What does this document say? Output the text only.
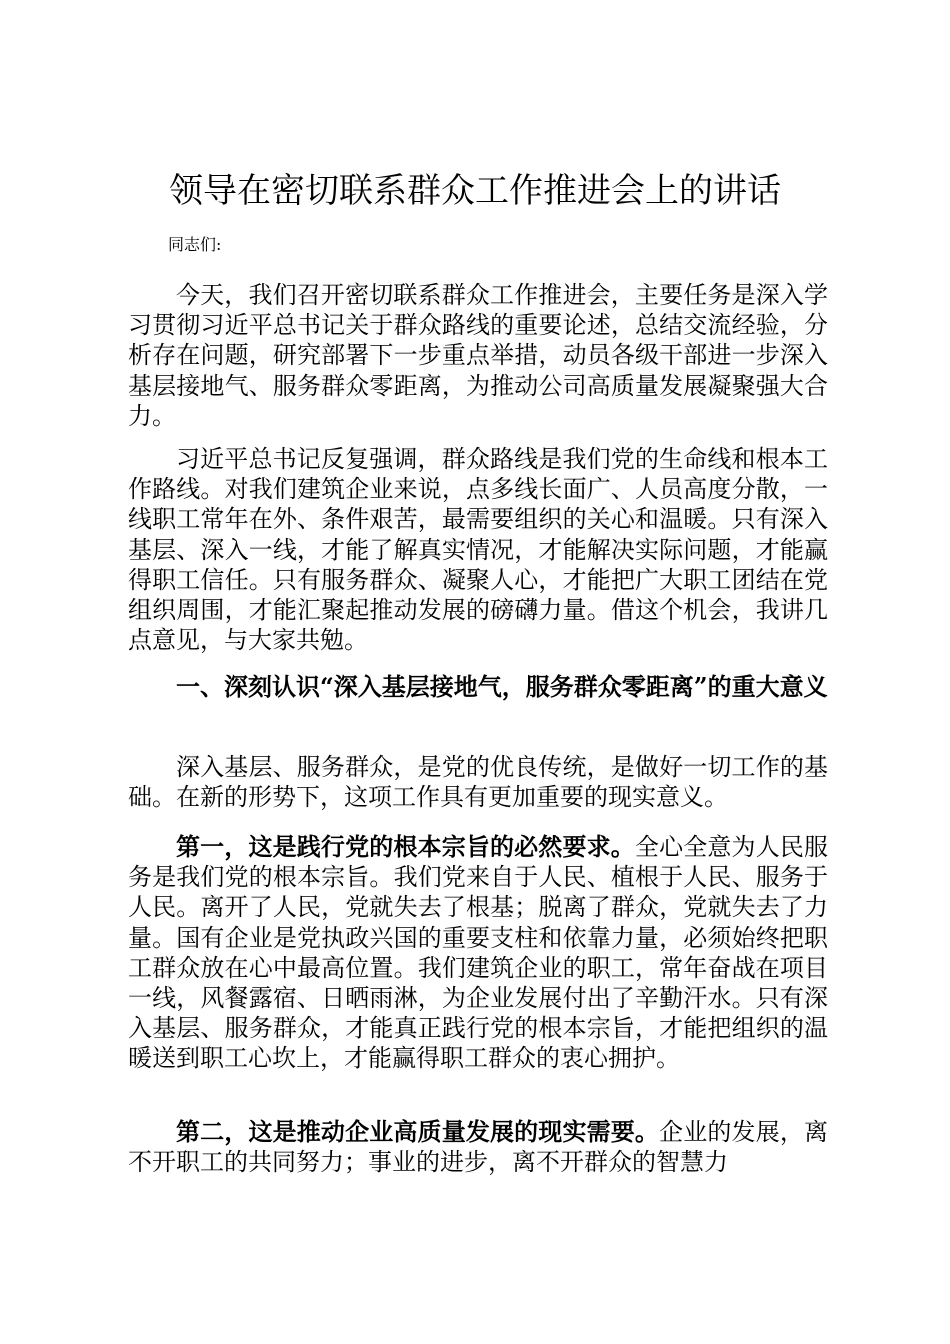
领导在密切联系群众工作推进会上的讲话

同志们:

今天，我们召开密切联系群众工作推进会，主要任务是深入学习贯彻习近平总书记关于群众路线的重要论述，总结交流经验，分析存在问题，研究部署下一步重点举措，动员各级干部进一步深入基层接地气、服务群众零距离，为推动公司高质量发展凝聚强大合力。

习近平总书记反复强调，群众路线是我们党的生命线和根本工作路线。对我们建筑企业来说，点多线长面广、人员高度分散，一线职工常年在外、条件艰苦，最需要组织的关心和温暖。只有深入基层、深入一线，才能了解真实情况，才能解决实际问题，才能赢得职工信任。只有服务群众、凝聚人心，才能把广大职工团结在党组织周围，才能汇聚起推动发展的磅礴力量。借这个机会，我讲几点意见，与大家共勉。

一、深刻认识“深入基层接地气，服务群众零距离”的重大意义

深入基层、服务群众，是党的优良传统，是做好一切工作的基础。在新的形势下，这项工作具有更加重要的现实意义。

第一，这是践行党的根本宗旨的必然要求。全心全意为人民服务是我们党的根本宗旨。我们党来自于人民、植根于人民、服务于人民。离开了人民，党就失去了根基；脱离了群众，党就失去了力量。国有企业是党执政兴国的重要支柱和依靠力量，必须始终把职工群众放在心中最高位置。我们建筑企业的职工，常年奋战在项目一线，风餐露宿、日晒雨淋，为企业发展付出了辛勤汗水。只有深入基层、服务群众，才能真正践行党的根本宗旨，才能把组织的温暖送到职工心坎上，才能赢得职工群众的衷心拥护。

第二，这是推动企业高质量发展的现实需要。企业的发展，离不开职工的共同努力；事业的进步，离不开群众的智慧力
